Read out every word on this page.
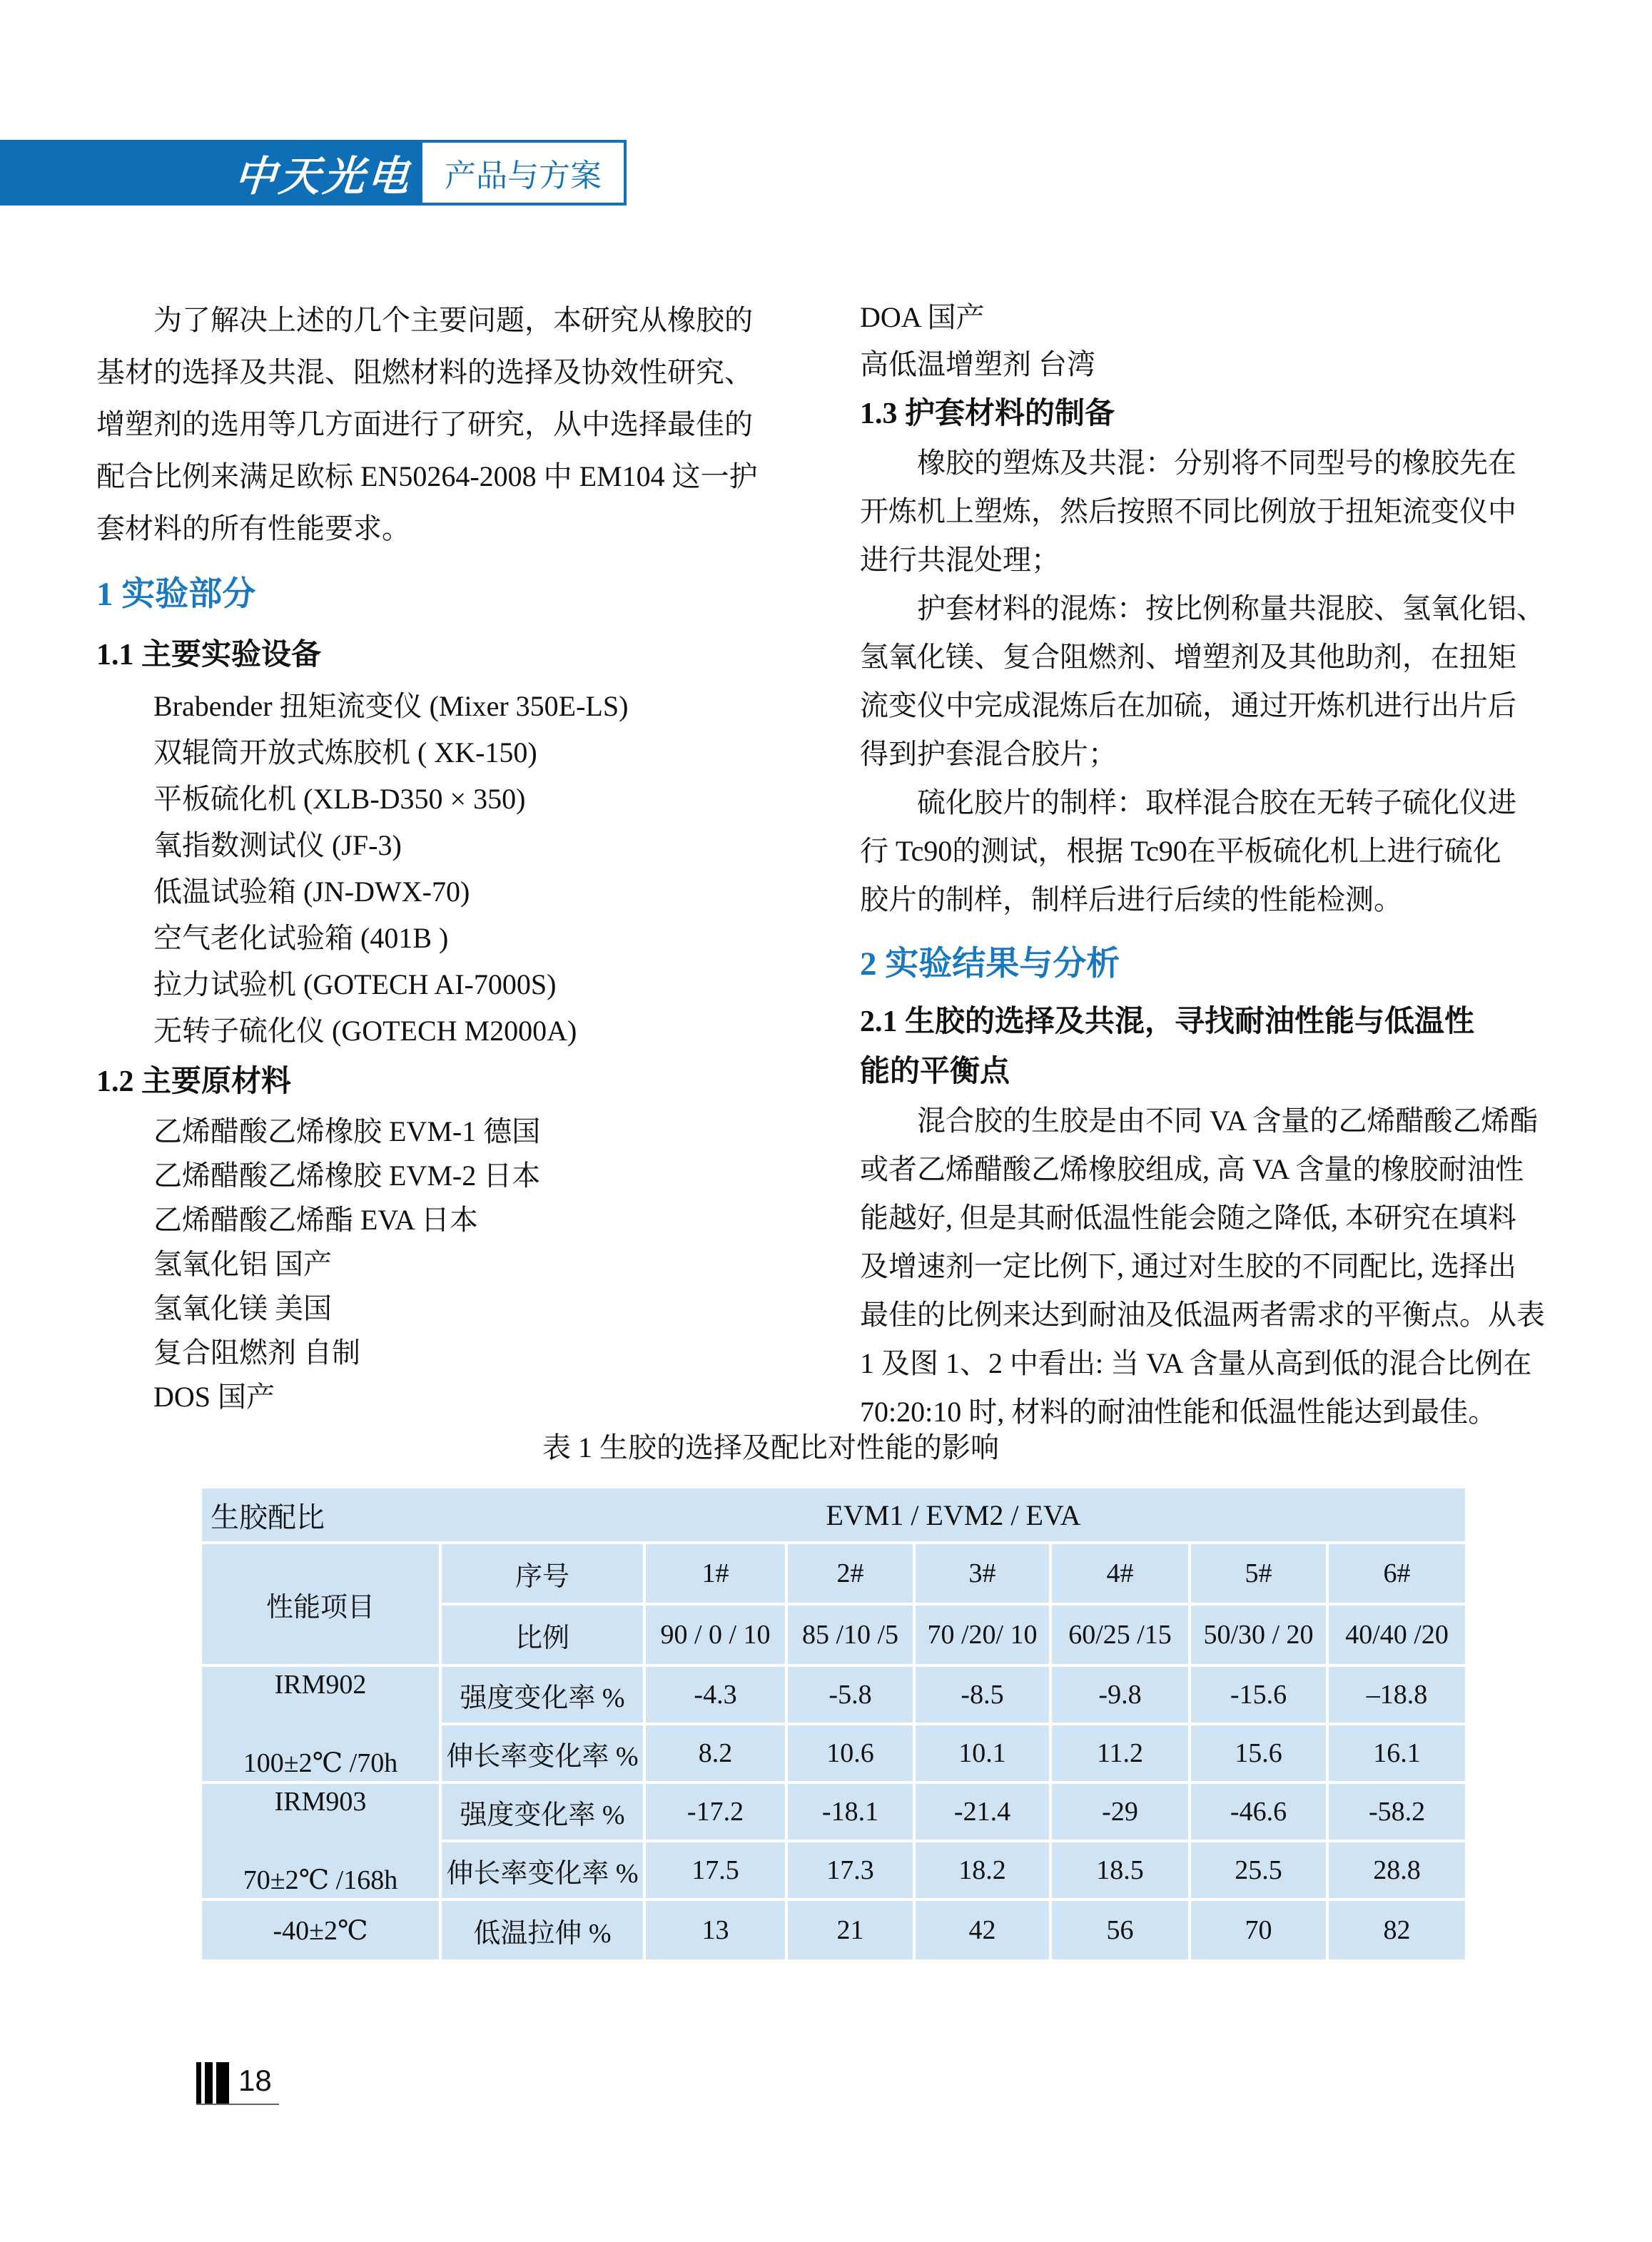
中天光电 产品与方案
为了解决上述的几个主要问题，本研究从橡胶的
基材的选择及共混、阻燃材料的选择及协效性研究、
增塑剂的选用等几方面进行了研究，从中选择最佳的
配合比例来满足欧标 EN50264-2008 中 EM104 这一护
套材料的所有性能要求。
1 实验部分
1.1 主要实验设备
Brabender 扭矩流变仪 (Mixer 350E-LS)
双辊筒开放式炼胶机 ( XK-150)
平板硫化机 (XLB-D350 × 350)
氧指数测试仪 (JF-3)
低温试验箱 (JN-DWX-70)
空气老化试验箱 (401B )
拉力试验机 (GOTECH AI-7000S)
无转子硫化仪 (GOTECH M2000A)
1.2 主要原材料
乙烯醋酸乙烯橡胶 EVM-1 德国
乙烯醋酸乙烯橡胶 EVM-2 日本
乙烯醋酸乙烯酯 EVA 日本
氢氧化铝 国产
氢氧化镁 美国
复合阻燃剂 自制
DOS 国产
DOA 国产
高低温增塑剂 台湾
1.3 护套材料的制备
橡胶的塑炼及共混：分别将不同型号的橡胶先在
开炼机上塑炼，然后按照不同比例放于扭矩流变仪中
进行共混处理；
护套材料的混炼：按比例称量共混胶、氢氧化铝、
氢氧化镁、复合阻燃剂、增塑剂及其他助剂，在扭矩
流变仪中完成混炼后在加硫，通过开炼机进行出片后
得到护套混合胶片；
硫化胶片的制样：取样混合胶在无转子硫化仪进
行 Tc90的测试，根据 Tc90在平板硫化机上进行硫化
胶片的制样，制样后进行后续的性能检测。
2 实验结果与分析
2.1 生胶的选择及共混，寻找耐油性能与低温性
能的平衡点
混合胶的生胶是由不同 VA 含量的乙烯醋酸乙烯酯
或者乙烯醋酸乙烯橡胶组成, 高 VA 含量的橡胶耐油性
能越好, 但是其耐低温性能会随之降低, 本研究在填料
及增速剂一定比例下, 通过对生胶的不同配比, 选择出
最佳的比例来达到耐油及低温两者需求的平衡点。从表
1 及图 1、2 中看出: 当 VA 含量从高到低的混合比例在
70:20:10 时, 材料的耐油性能和低温性能达到最佳。
表 1 生胶的选择及配比对性能的影响
生胶配比 EVM1 / EVM2 / EVA							

性能项目	序号	1#	2#	3#	4#	5#	6#
	比例	90 / 0 / 10	85 /10 /5	70 /20/ 10	60/25 /15	50/30 / 20	40/40 /20

IRM902
100±2℃ /70h	强度变化率 %	-4.3	-5.8	-8.5	-9.8	-15.6	–18.8
	伸长率变化率 %	8.2	10.6	10.1	11.2	15.6	16.1

IRM903
70±2℃ /168h	强度变化率 %	-17.2	-18.1	-21.4	-29	-46.6	-58.2
	伸长率变化率 %	17.5	17.3	18.2	18.5	25.5	28.8
-40±2℃	低温拉伸 %	13	21	42	56	70	82
18
